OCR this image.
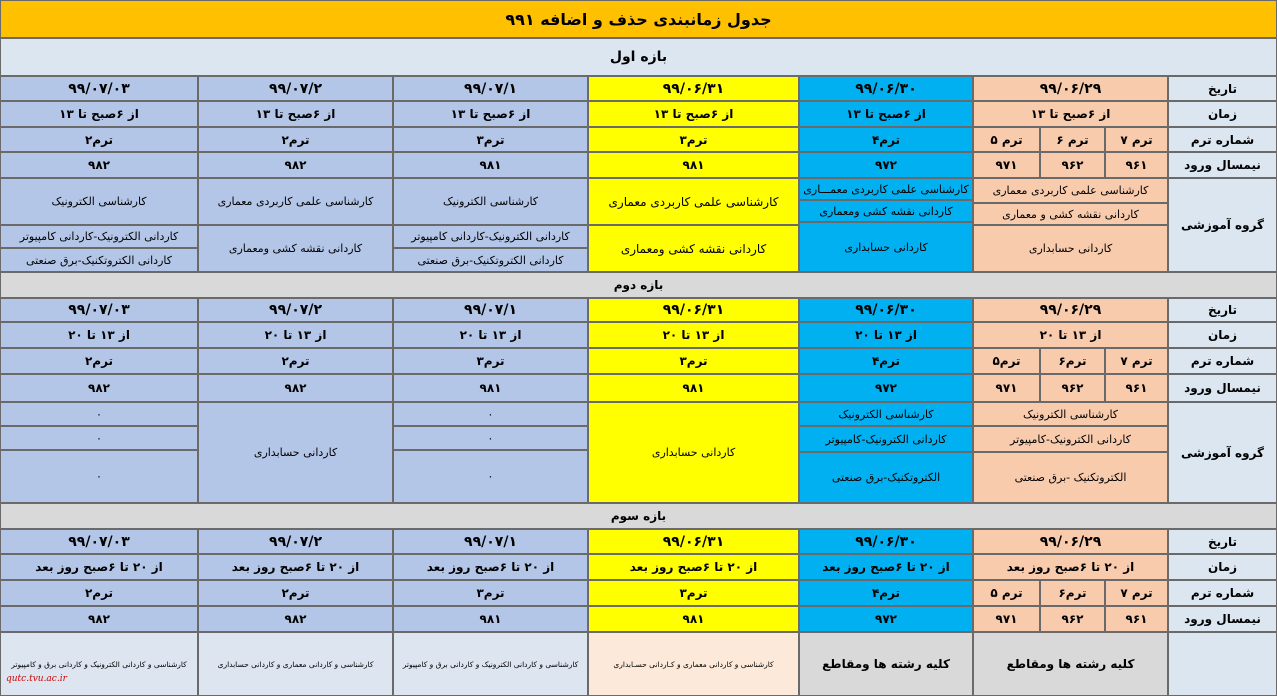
جدول زمانبندی حذف و اضافه ۹۹۱
بازه اول
تاریخ
زمان
شماره ترم
نیمسال ورود
گروه آموزشی
۹۹/۰۶/۲۹
از ۶صبح تا ۱۳
ترم ۷
۹۶۱
ترم ۶
۹۶۲
ترم ۵
۹۷۱
کارشناسی علمی کاربردی معماری
کاردانی نقشه کشی و معماری
کاردانی حسابداری
۹۹/۰۶/۳۰
از ۶صبح تا ۱۳
ترم۴
۹۷۲
کارشناسی علمی کاربردی معمـــاری
کاردانی نقشه کشی ومعماری
کاردانی حسابداری
۹۹/۰۶/۳۱
از ۶صبح تا ۱۳
ترم۳
۹۸۱
کارشناسی علمی کاربردی معماری
کاردانی نقشه کشی ومعماری
۹۹/۰۷/۱
از ۶صبح تا ۱۳
ترم۳
۹۸۱
کارشناسی الکترونیک
کاردانی الکترونیک-کاردانی کامپیوتر
کاردانی الکتروتکنیک-برق صنعتی
۹۹/۰۷/۲
از ۶صبح تا ۱۳
ترم۲
۹۸۲
کارشناسی علمی کاربردی معماری
کاردانی نقشه کشی ومعماری
۹۹/۰۷/۰۳
از ۶صبح تا ۱۳
ترم۲
۹۸۲
کارشناسی الکترونیک
کاردانی الکترونیک-کاردانی کامپیوتر
کاردانی الکتروتکنیک-برق صنعتی
بازه دوم
تاریخ
زمان
شماره ترم
نیمسال ورود
گروه آموزشی
۹۹/۰۶/۲۹
از ۱۳ تا ۲۰
ترم ۷
۹۶۱
ترم۶
۹۶۲
ترم۵
۹۷۱
کارشناسی الکترونیک
کاردانی الکترونیک-کامپیوتر
الکتروتکنیک -برق صنعتی
۹۹/۰۶/۳۰
از ۱۳ تا ۲۰
ترم۴
۹۷۲
کارشناسی الکترونیک
کاردانی الکترونیک-کامپیوتر
الکتروتکنیک-برق صنعتی
۹۹/۰۶/۳۱
از ۱۳ تا ۲۰
ترم۳
۹۸۱
کاردانی حسابداری
۹۹/۰۷/۱
از ۱۳ تا ۲۰
ترم۳
۹۸۱
۰
۰
۰
۹۹/۰۷/۲
از ۱۳ تا ۲۰
ترم۲
۹۸۲
کاردانی حسابداری
۹۹/۰۷/۰۳
از ۱۳ تا ۲۰
ترم۲
۹۸۲
۰
۰
۰
بازه سوم
تاریخ
زمان
شماره ترم
نیمسال ورود
۹۹/۰۶/۲۹
از ۲۰ تا ۶صبح روز بعد
ترم ۷
۹۶۱
ترم۶
۹۶۲
ترم ۵
۹۷۱
کلیه رشته ها ومقاطع
۹۹/۰۶/۳۰
از ۲۰ تا ۶صبح روز بعد
ترم۴
۹۷۲
کلیه رشته ها ومقاطع
۹۹/۰۶/۳۱
از ۲۰ تا ۶صبح روز بعد
ترم۳
۹۸۱
کارشناسی و کاردانی معماری و کـاردانی حسـابداری
۹۹/۰۷/۱
از ۲۰ تا ۶صبح روز بعد
ترم۳
۹۸۱
کارشناسی و کاردانی الکترونیک و کاردانی برق و کامپیوتر
۹۹/۰۷/۲
از ۲۰ تا ۶صبح روز بعد
ترم۲
۹۸۲
کارشناسی و کاردانی معماری و کاردانی حسابداری
۹۹/۰۷/۰۳
از ۲۰ تا ۶صبح روز بعد
ترم۲
۹۸۲
کارشناسی و کاردانی الکترونیک و کاردانی برق و کامپیوتر
qutc.tvu.ac.ir
